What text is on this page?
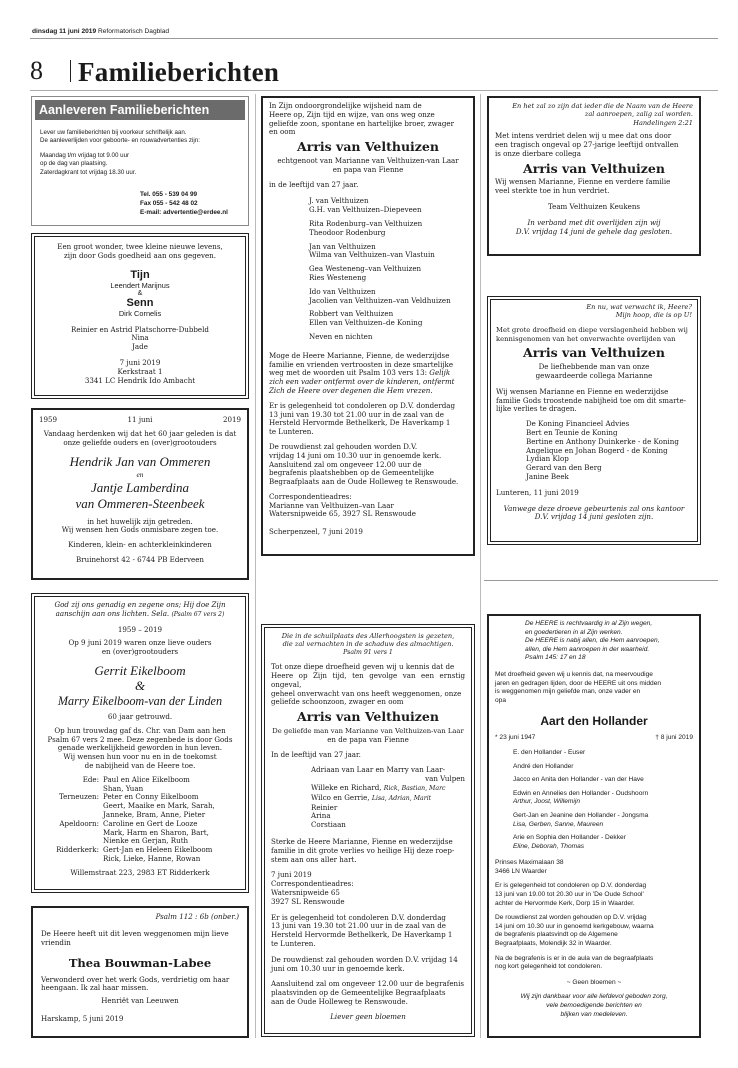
dinsdag 11 juni 2019 Reformatorisch Dagblad
8 Familieberichten
Aanleveren Familieberichten
Lever uw familieberichten bij voorkeur schriftelijk aan.
De aanleverlijden voor geboorte- en rouwadvertenties zijn:
Maandag t/m vrijdag tot 9.00 uur
op de dag van plaatsing.
Zaterdagkrant tot vrijdag 18.30 uur.
Tel. 055 - 539 04 99
Fax 055 - 542 48 02
E-mail: advertentie@erdee.nl
Een groot wonder, twee kleine nieuwe levens,
zijn door Gods goedheid aan ons gegeven.
Tijn
Leendert Marijnus
&
Senn
Dirk Cornelis
Reinier en Astrid Platschorre-Dubbeld
Nina
Jade
7 juni 2019
Kerkstraat 1
3341 LC Hendrik Ido Ambacht
1959	11 juni	2019
Vandaag herdenken wij dat het 60 jaar geleden is dat
onze geliefde ouders en (over)grootouders
Hendrik Jan van Ommeren
en
Jantje Lamberdina
van Ommeren-Steenbeek
in het huwelijk zijn getreden.
Wij wensen hen Gods onmisbare zegen toe.
Kinderen, klein- en achterkleinkinderen
Bruinehorst 42 - 6744 PB Ederveen
God zij ons genadig en zegene ons; Hij doe Zijn
aanschijn aan ons lichten. Sela. (Psalm 67 vers 2)
1959 – 2019
Op 9 juni 2019 waren onze lieve ouders
en (over)grootouders
Gerrit Eikelboom
&
Marry Eikelboom-van der Linden
60 jaar getrouwd.
Op hun trouwdag gaf ds. Chr. van Dam aan hen
Psalm 67 vers 2 mee. Deze zegenbede is door Gods
genade werkelijkheid geworden in hun leven.
Wij wensen hun voor nu en in de toekomst
de nabijheid van de Heere toe.
Ede: Paul en Alice Eikelboom
Shan, Yuan
Terneuzen: Peter en Conny Eikelboom
Geert, Maaike en Mark, Sarah,
Janneke, Bram, Anne, Pieter
Apeldoorn: Caroline en Gert de Looze
Mark, Harm en Sharon, Bart,
Nienke en Gerjan, Ruth
Ridderkerk: Gert-Jan en Heleen Eikelboom
Rick, Lieke, Hanne, Rowan
Willemstraat 223, 2983 ET Ridderkerk
Psalm 112 : 6b (onber.)
De Heere heeft uit dit leven weggenomen mijn lieve
vriendin
Thea Bouwman-Labee
Verwonderd over het werk Gods, verdrietig om haar
heengaan. Ik zal haar missen.
Henriët van Leeuwen
Harskamp, 5 juni 2019
In Zijn ondoorgrondelijke wijsheid nam de
Heere op, Zijn tijd en wijze, van ons weg onze
geliefde zoon, spontane en hartelijke broer, zwager
en oom
Arris van Velthuizen
echtgenoot van Marianne van Velthuizen-van Laar
en papa van Fienne
in de leeftijd van 27 jaar.
J. van Velthuizen
G.H. van Velthuizen–Diepeveen
Rita Rodenburg–van Velthuizen
Theodoor Rodenburg
Jan van Velthuizen
Wilma van Velthuizen–van Vlastuin
Gea Westeneng–van Velthuizen
Ries Westeneng
Ido van Velthuizen
Jacolien van Velthuizen–van Veldhuizen
Robbert van Velthuizen
Ellen van Velthuizen–de Koning
Neven en nichten
Moge de Heere Marianne, Fienne, de wederzijdse
familie en vrienden vertroosten in deze smartelijke
weg met de woorden uit Psalm 103 vers 13: Gelijk
zich een vader ontfermt over de kinderen, ontfermt
Zich de Heere over degenen die Hem vrezen.
Er is gelegenheid tot condoleren op D.V. donderdag
13 juni van 19.30 tot 21.00 uur in de zaal van de
Hersteld Hervormde Bethelkerk, De Haverkamp 1
te Lunteren.
De rouwdienst zal gehouden worden D.V.
vrijdag 14 juni om 10.30 uur in genoemde kerk.
Aansluitend zal om ongeveer 12.00 uur de
begrafenis plaatshebben op de Gemeentelijke
Begraafplaats aan de Oude Holleweg te Renswoude.
Correspondentieadres:
Marianne van Velthuizen–van Laar
Watersnipweide 65, 3927 SL Renswoude
Scherpenzeel, 7 juni 2019
Die in de schuilplaats des Allerhoogsten is gezeten,
die zal vernachten in de schaduw des almachtigen.
Psalm 91 vers 1
Tot onze diepe droefheid geven wij u kennis dat de
Heere op Zijn tijd, ten gevolge van een ernstig ongeval,
geheel onverwacht van ons heeft weggenomen, onze
geliefde schoonzoon, zwager en oom
Arris van Velthuizen
De geliefde man van Marianne van Velthuizen-van Laar
en de papa van Fienne
In de leeftijd van 27 jaar.
Adriaan van Laar en Marry van Laar-
van Vulpen
Willeke en Richard, Rick, Bastian, Marc
Wilco en Gerrie, Lisa, Adrian, Marit
Reinier
Arina
Corstiaan
Sterke de Heere Marianne, Fienne en wederzijdse
familie in dit grote verlies vo heilige Hij deze roep-
stem aan ons aller hart.
7 juni 2019
Correspondentieadres:
Watersnipweide 65
3927 SL Renswoude
Er is gelegenheid tot condoleren D.V. donderdag
13 juni van 19.30 tot 21.00 uur in de zaal van de
Hersteld Hervormde Bethelkerk, De Haverkamp 1
te Lunteren.
De rouwdienst zal gehouden worden D.V. vrijdag 14
juni om 10.30 uur in genoemde kerk.
Aansluitend zal om ongeveer 12.00 uur de begrafenis
plaatsvinden op de Gemeentelijke Begraafplaats
aan de Oude Holleweg te Renswoude.
Liever geen bloemen
En het zal zo zijn dat ieder die de Naam van de Heere
zal aanroepen, zalig zal worden.
Handelingen 2:21
Met intens verdriet delen wij u mee dat ons door
een tragisch ongeval op 27-jarige leeftijd ontvallen
is onze dierbare collega
Arris van Velthuizen
Wij wensen Marianne, Fienne en verdere familie
veel sterkte toe in hun verdriet.
Team Velthuizen Keukens
In verband met dit overlijden zijn wij
D.V. vrijdag 14 juni de gehele dag gesloten.
En nu, wat verwacht ik, Heere?
Mijn hoop, die is op U!
Met grote droefheid en diepe verslagenheid hebben wij
kennisgenomen van het onverwachte overlijden van
Arris van Velthuizen
De liefhebbende man van onze
gewaardeerde collega Marianne
Wij wensen Marianne en Fienne en wederzijdse
familie Gods troostende nabijheid toe om dit smarte-
lijke verlies te dragen.
De Koning Financieel Advies
Bert en Teunie de Koning
Bertine en Anthony Duinkerke - de Koning
Angelique en Johan Bogerd - de Koning
Lydian Klop
Gerard van den Berg
Janine Beek
Lunteren, 11 juni 2019
Vanwege deze droeve gebeurtenis zal ons kantoor
D.V. vrijdag 14 juni gesloten zijn.
De HEERE is rechtvaardig in al Zijn wegen,
en goedertieren in al Zijn werken.
De HEERE is nabij allen, die Hem aanroepen,
allen, die Hem aanroepen in der waarheid.
Psalm 145: 17 en 18
Met droefheid geven wij u kennis dat, na meervoudige
jaren en gedragen lijden, door de HEERE uit ons midden
is weggenomen mijn geliefde man, onze vader en
opa
Aart den Hollander
* 23 juni 1947	† 8 juni 2019
E. den Hollander - Euser
André den Hollander
Jacco en Anita den Hollander - van der Have
Edwin en Annelies den Hollander - Oudshoorn
Arthur, Joost, Willemijn
Gert-Jan en Jeanine den Hollander - Jongsma
Lisa, Gerben, Sanne, Maureen
Arie en Sophia den Hollander - Dekker
Eline, Deborah, Thomas
Prinses Maximalaan 38
3466 LN Waarder
Er is gelegenheid tot condoleren op D.V. donderdag
13 juni van 19.00 tot 20.30 uur in 'De Oude School'
achter de Hervormde Kerk, Dorp 15 in Waarder.
De rouwdienst zal worden gehouden op D.V. vrijdag
14 juni om 10.30 uur in genoemd kerkgebouw, waarna
de begrafenis plaatsvindt op de Algemene
Begraafplaats, Molendijk 32 in Waarder.
Na de begrafenis is er in de aula van de begraafplaats
nog kort gelegenheid tot condoleren.
~ Geen bloemen ~
Wij zijn dankbaar voor alle liefdevol geboden zorg,
vele bemoedigende berichten en
blijken van medeleven.
